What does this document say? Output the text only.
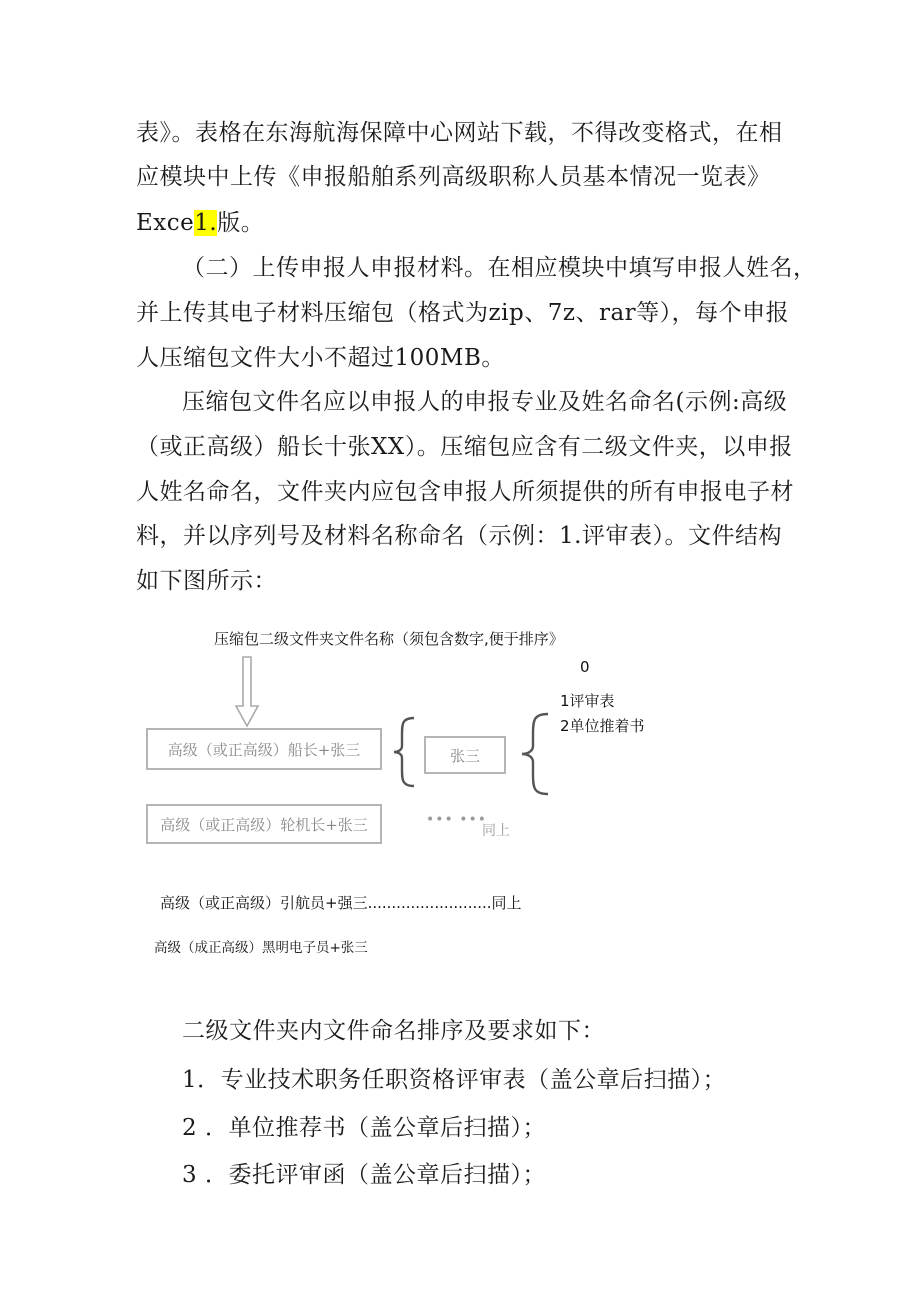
表》。表格在东海航海保障中心网站下载，不得改变格式，在相
应模块中上传《申报船舶系列高级职称人员基本情况一览表》
Exce1.版。
（二）上传申报人申报材料。在相应模块中填写申报人姓名，
并上传其电子材料压缩包（格式为zip、7z、rar等），每个申报
人压缩包文件大小不超过100MB。
压缩包文件名应以申报人的申报专业及姓名命名(示例:高级
（或正高级）船长十张XX）。压缩包应含有二级文件夹，以申报
人姓名命名，文件夹内应包含申报人所须提供的所有申报电子材
料，并以序列号及材料名称命名（示例：1.评审表）。文件结构
如下图所示：
压缩包二级文件夹文件名称（须包含数字,便于排序》
0
1评审表
2单位推着书
高级（或正高级）船长+张三	张三
高级（或正高级）轮机长+张三	••• •••
同上
高级（或正高级）引航员+强三..........................同上
高级（成正高级）黑明电子员+张三
二级文件夹内文件命名排序及要求如下：
1．专业技术职务任职资格评审表（盖公章后扫描）；
2 ．单位推荐书（盖公章后扫描）；
3 ．委托评审函（盖公章后扫描）；
